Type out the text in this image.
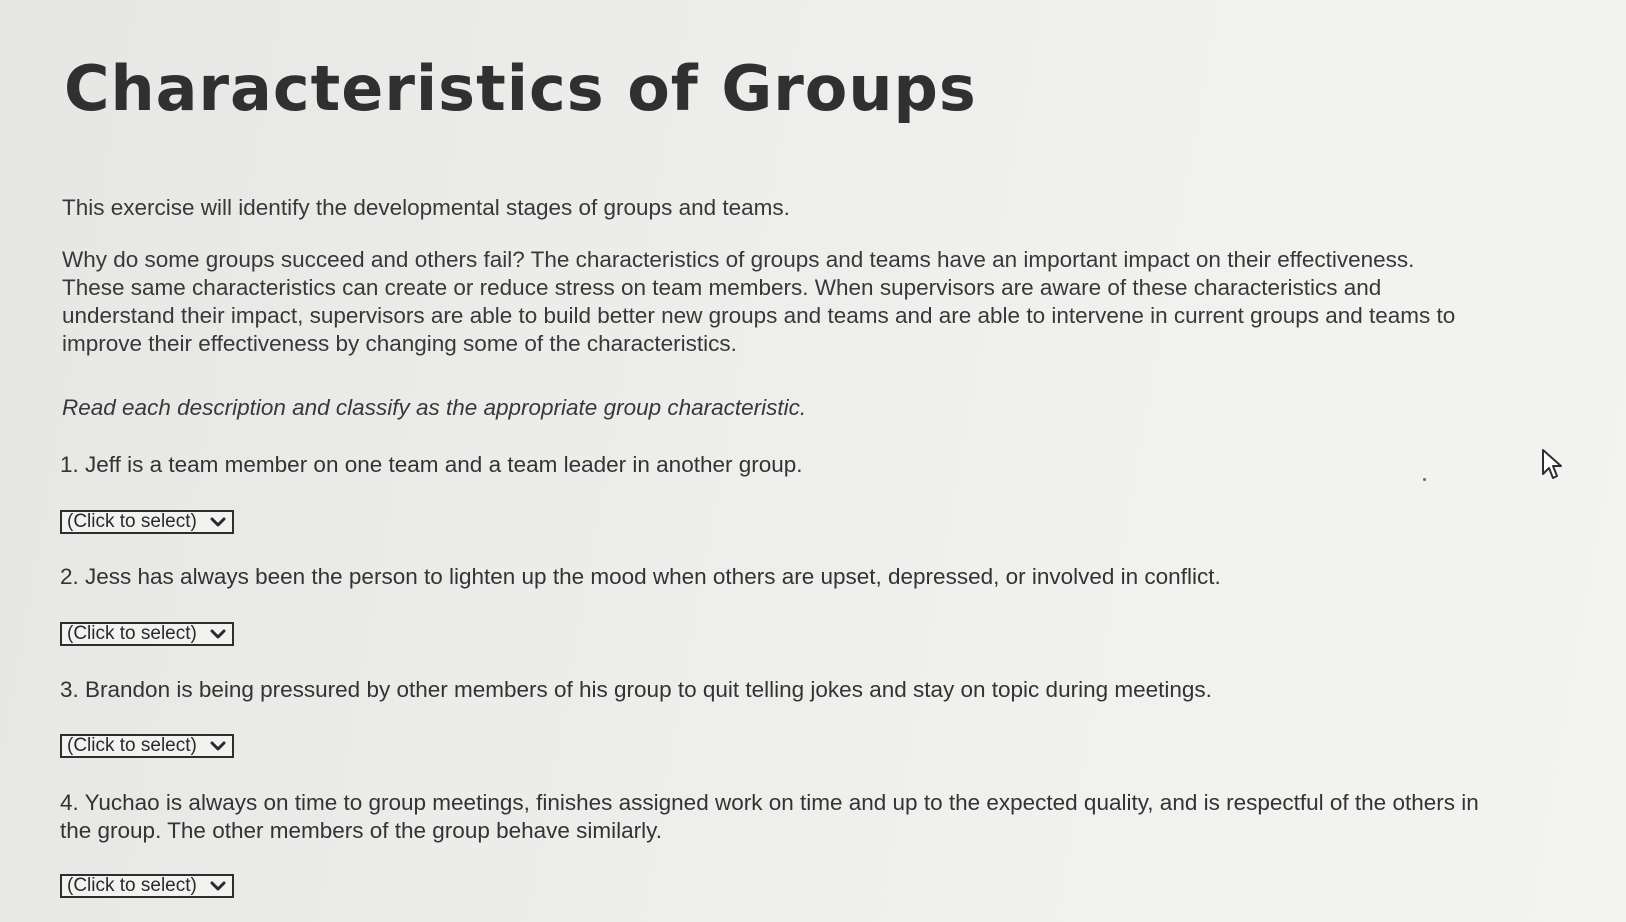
Characteristics of Groups

This exercise will identify the developmental stages of groups and teams.

Why do some groups succeed and others fail? The characteristics of groups and teams have an important impact on their effectiveness. These same characteristics can create or reduce stress on team members. When supervisors are aware of these characteristics and understand their impact, supervisors are able to build better new groups and teams and are able to intervene in current groups and teams to improve their effectiveness by changing some of the characteristics.

Read each description and classify as the appropriate group characteristic.

1. Jeff is a team member on one team and a team leader in another group.

(Click to select)

2. Jess has always been the person to lighten up the mood when others are upset, depressed, or involved in conflict.

(Click to select)

3. Brandon is being pressured by other members of his group to quit telling jokes and stay on topic during meetings.

(Click to select)

4. Yuchao is always on time to group meetings, finishes assigned work on time and up to the expected quality, and is respectful of the others in the group. The other members of the group behave similarly.

(Click to select)
